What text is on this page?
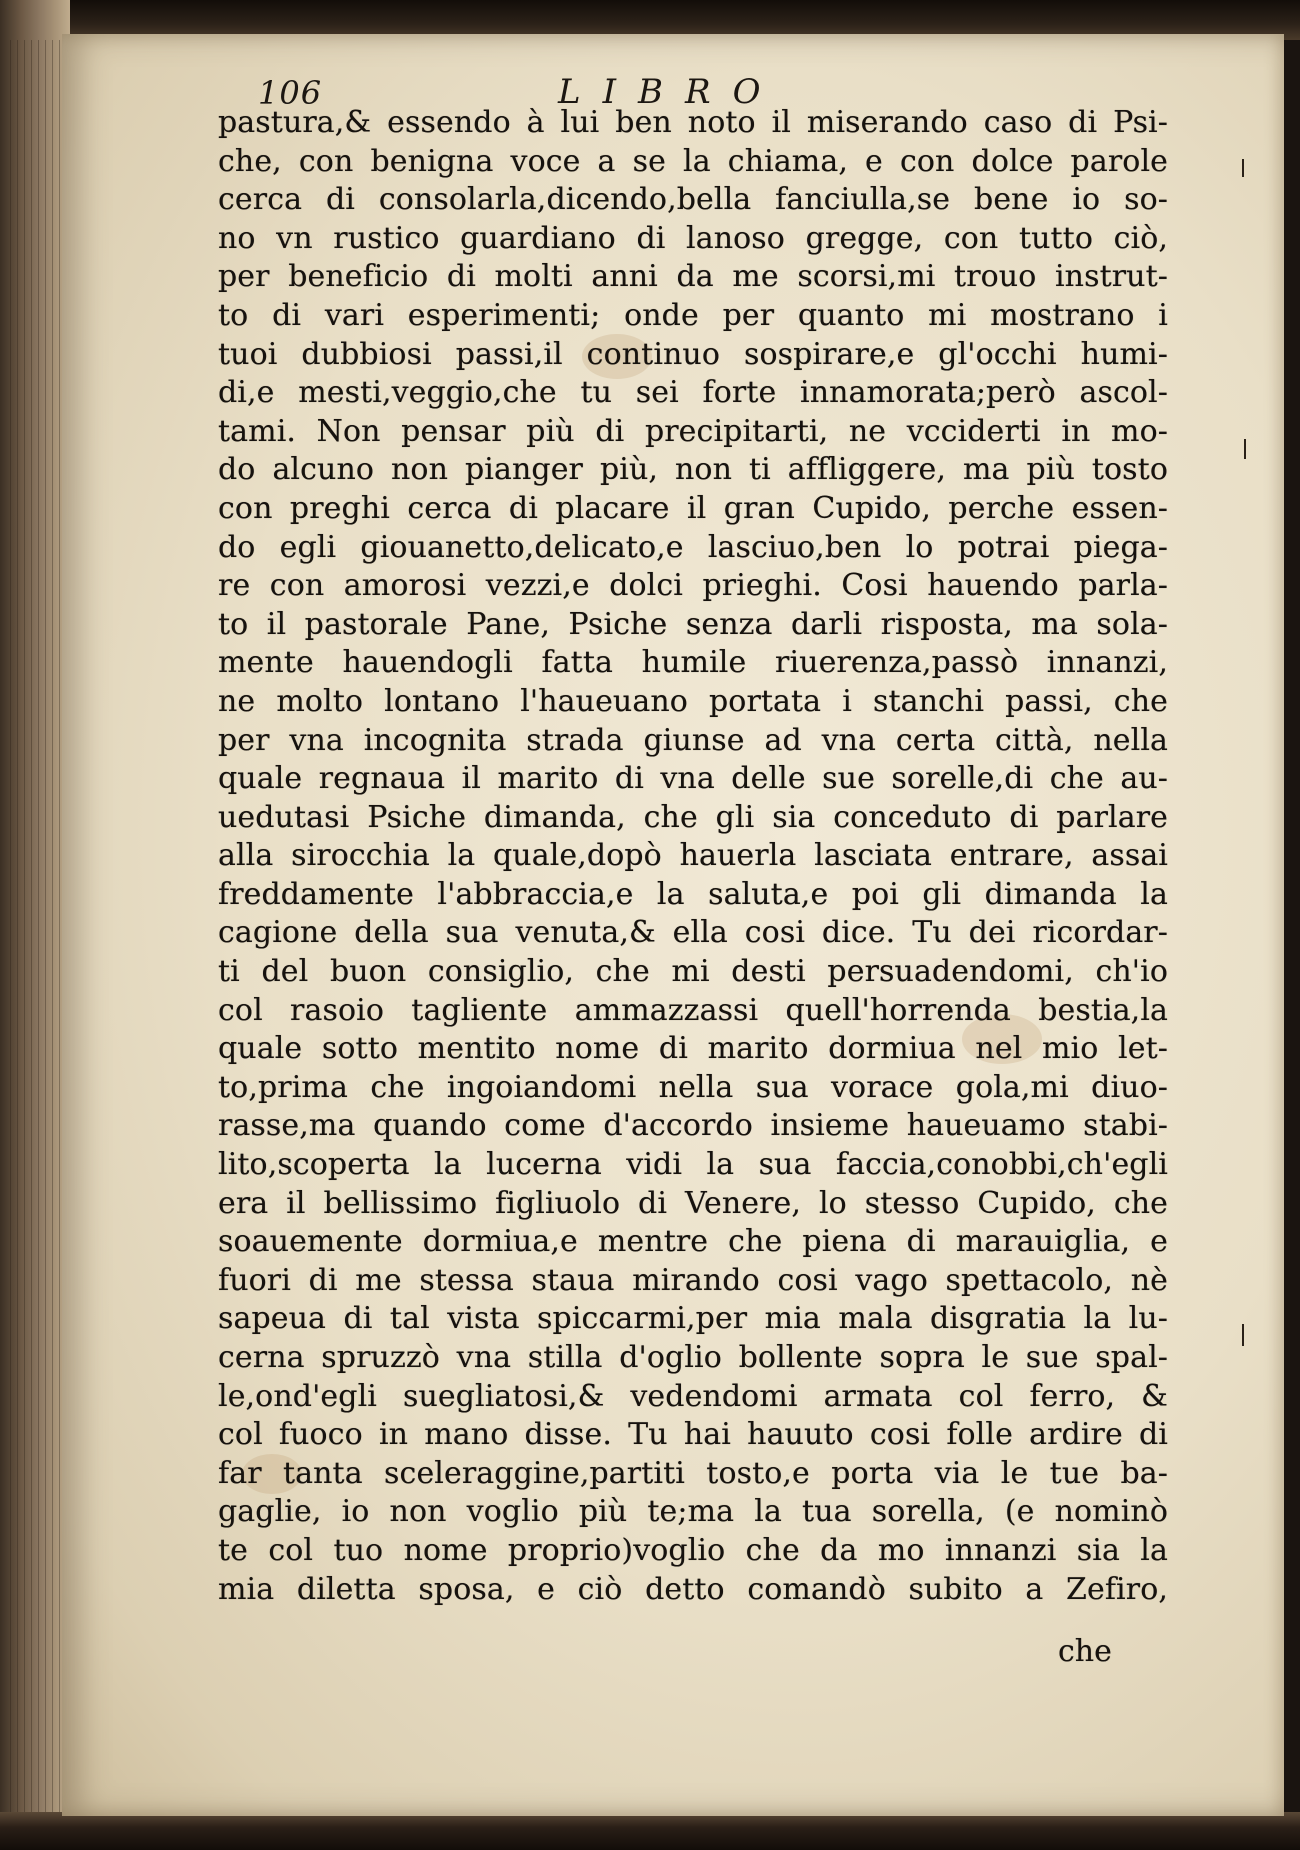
106	LIBRO
pastura,& essendo à lui ben noto il miserando caso di Psi-
che, con benigna voce a se la chiama, e con dolce parole
cerca di consolarla,dicendo,bella fanciulla,se bene io so-
no vn rustico guardiano di lanoso gregge, con tutto ciò,
per beneficio di molti anni da me scorsi,mi trouo instrut-
to di vari esperimenti; onde per quanto mi mostrano i
tuoi dubbiosi passi,il continuo sospirare,e gl'occhi humi-
di,e mesti,veggio,che tu sei forte innamorata;però ascol-
tami. Non pensar più di precipitarti, ne vcciderti in mo-
do alcuno non pianger più, non ti affliggere, ma più tosto
con preghi cerca di placare il gran Cupido, perche essen-
do egli giouanetto,delicato,e lasciuo,ben lo potrai piega-
re con amorosi vezzi,e dolci prieghi. Cosi hauendo parla-
to il pastorale Pane, Psiche senza darli risposta, ma sola-
mente hauendogli fatta humile riuerenza,passò innanzi,
ne molto lontano l'haueuano portata i stanchi passi, che
per vna incognita strada giunse ad vna certa città, nella
quale regnaua il marito di vna delle sue sorelle,di che au-
uedutasi Psiche dimanda, che gli sia conceduto di parlare
alla sirocchia la quale,dopò hauerla lasciata entrare, assai
freddamente l'abbraccia,e la saluta,e poi gli dimanda la
cagione della sua venuta,& ella cosi dice. Tu dei ricordar-
ti del buon consiglio, che mi desti persuadendomi, ch'io
col rasoio tagliente ammazzassi quell'horrenda bestia,la
quale sotto mentito nome di marito dormiua nel mio let-
to,prima che ingoiandomi nella sua vorace gola,mi diuo-
rasse,ma quando come d'accordo insieme haueuamo stabi-
lito,scoperta la lucerna vidi la sua faccia,conobbi,ch'egli
era il bellissimo figliuolo di Venere, lo stesso Cupido, che
soauemente dormiua,e mentre che piena di marauiglia, e
fuori di me stessa staua mirando cosi vago spettacolo, nè
sapeua di tal vista spiccarmi,per mia mala disgratia la lu-
cerna spruzzò vna stilla d'oglio bollente sopra le sue spal-
le,ond'egli suegliatosi,& vedendomi armata col ferro, &
col fuoco in mano disse. Tu hai hauuto cosi folle ardire di
far tanta sceleraggine,partiti tosto,e porta via le tue ba-
gaglie, io non voglio più te;ma la tua sorella, (e nominò
te col tuo nome proprio)voglio che da mo innanzi sia la
mia diletta sposa, e ciò detto comandò subito a Zefiro,
che
